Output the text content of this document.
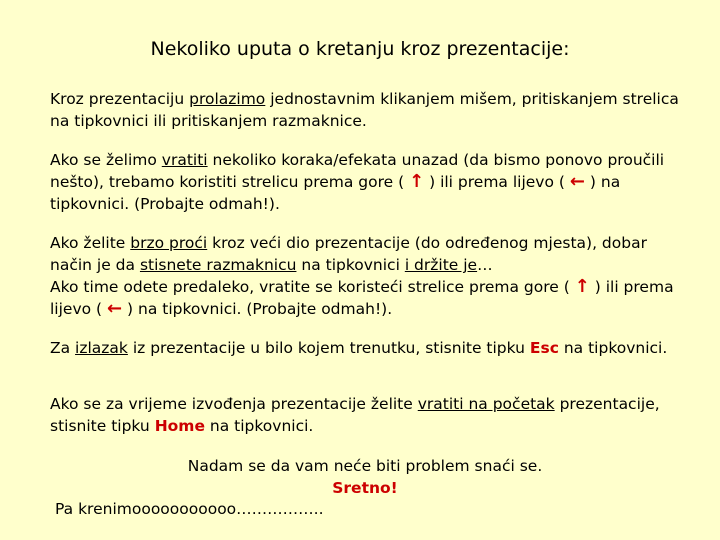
Nekoliko uputa o kretanju kroz prezentacije:

Kroz prezentaciju prolazimo jednostavnim klikanjem mišem, pritiskanjem strelica na tipkovnici ili pritiskanjem razmaknice.

Ako se želimo vratiti nekoliko koraka/efekata unazad (da bismo ponovo proučili nešto), trebamo koristiti strelicu prema gore ( ↑ ) ili prema lijevo ( ← ) na tipkovnici. (Probajte odmah!).

Ako želite brzo proći kroz veći dio prezentacije (do određenog mjesta), dobar način je da stisnete razmaknicu na tipkovnici i držite je…
Ako time odete predaleko, vratite se koristeći strelice prema gore ( ↑ ) ili prema lijevo ( ← ) na tipkovnici. (Probajte odmah!).

Za izlazak iz prezentacije u bilo kojem trenutku, stisnite tipku Esc na tipkovnici.

Ako se za vrijeme izvođenja prezentacije želite vratiti na početak prezentacije, stisnite tipku Home na tipkovnici.

Nadam se da vam neće biti problem snaći se.
Sretno!
Pa krenimooooooooooo……………..
